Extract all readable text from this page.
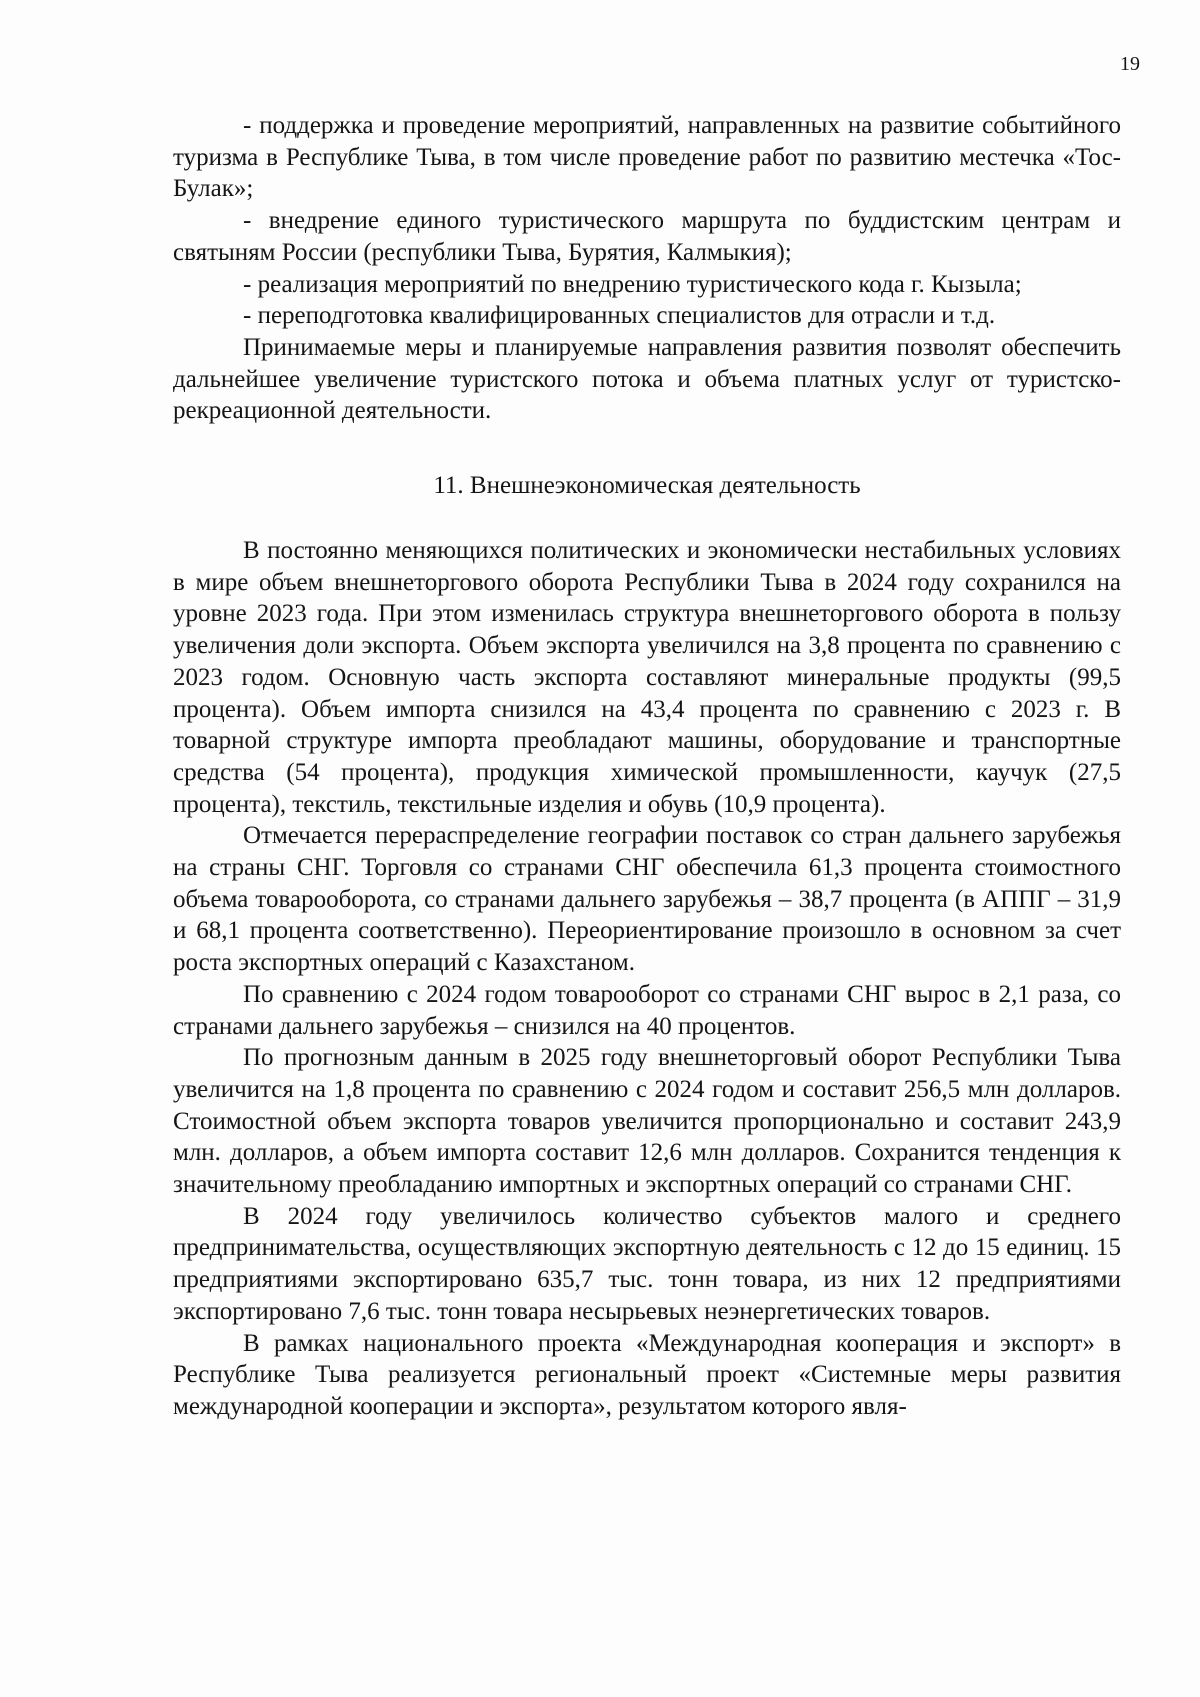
19

- поддержка и проведение мероприятий, направленных на развитие событийного туризма в Республике Тыва, в том числе проведение работ по развитию местечка «Тос-Булак»;

- внедрение единого туристического маршрута по буддистским центрам и святыням России (республики Тыва, Бурятия, Калмыкия);

- реализация мероприятий по внедрению туристического кода г. Кызыла;

- переподготовка квалифицированных специалистов для отрасли и т.д.

Принимаемые меры и планируемые направления развития позволят обеспечить дальнейшее увеличение туристского потока и объема платных услуг от туристско-рекреационной деятельности.

11. Внешнеэкономическая деятельность

В постоянно меняющихся политических и экономически нестабильных условиях в мире объем внешнеторгового оборота Республики Тыва в 2024 году сохранился на уровне 2023 года. При этом изменилась структура внешнеторгового оборота в пользу увеличения доли экспорта. Объем экспорта увеличился на 3,8 процента по сравнению с 2023 годом. Основную часть экспорта составляют минеральные продукты (99,5 процента). Объем импорта снизился на 43,4 процента по сравнению с 2023 г. В товарной структуре импорта преобладают машины, оборудование и транспортные средства (54 процента), продукция химической промышленности, каучук (27,5 процента), текстиль, текстильные изделия и обувь (10,9 процента).

Отмечается перераспределение географии поставок со стран дальнего зарубежья на страны СНГ. Торговля со странами СНГ обеспечила 61,3 процента стоимостного объема товарооборота, со странами дальнего зарубежья – 38,7 процента (в АППГ – 31,9 и 68,1 процента соответственно). Переориентирование произошло в основном за счет роста экспортных операций с Казахстаном.

По сравнению с 2024 годом товарооборот со странами СНГ вырос в 2,1 раза, со странами дальнего зарубежья – снизился на 40 процентов.

По прогнозным данным в 2025 году внешнеторговый оборот Республики Тыва увеличится на 1,8 процента по сравнению с 2024 годом и составит 256,5 млн долларов. Стоимостной объем экспорта товаров увеличится пропорционально и составит 243,9 млн. долларов, а объем импорта составит 12,6 млн долларов. Сохранится тенденция к значительному преобладанию импортных и экспортных операций со странами СНГ.

В 2024 году увеличилось количество субъектов малого и среднего предпринимательства, осуществляющих экспортную деятельность с 12 до 15 единиц. 15 предприятиями экспортировано 635,7 тыс. тонн товара, из них 12 предприятиями экспортировано 7,6 тыс. тонн товара несырьевых неэнергетических товаров.

В рамках национального проекта «Международная кооперация и экспорт» в Республике Тыва реализуется региональный проект «Системные меры развития международной кооперации и экспорта», результатом которого явля-
